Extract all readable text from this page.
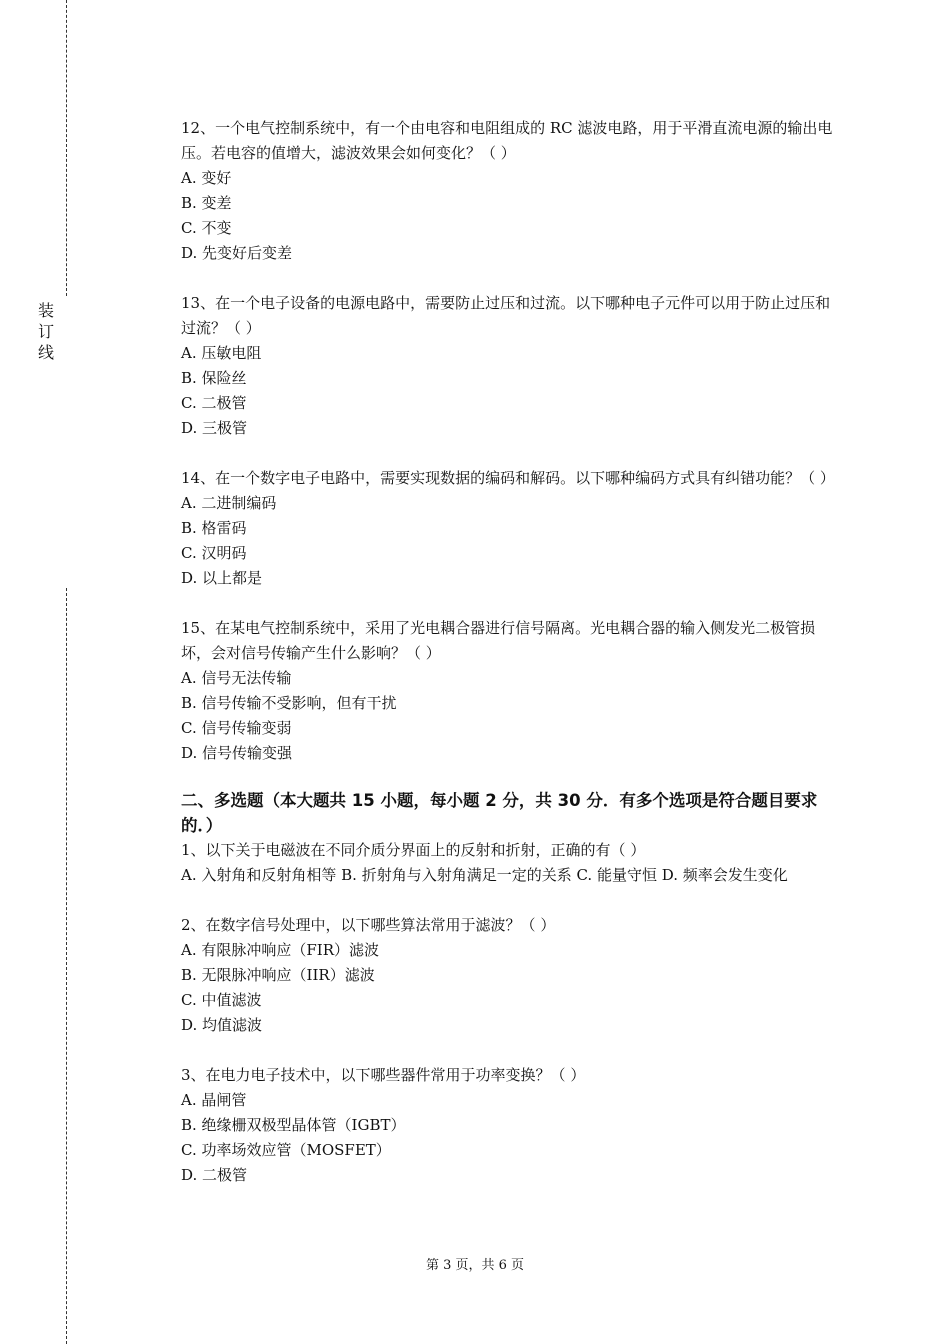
装
订
线

12、一个电气控制系统中，有一个由电容和电阻组成的 RC 滤波电路，用于平滑直流电源的输出电压。若电容的值增大，滤波效果会如何变化？（ ）

A. 变好

B. 变差

C. 不变

D. 先变好后变差

13、在一个电子设备的电源电路中，需要防止过压和过流。以下哪种电子元件可以用于防止过压和过流？（ ）

A. 压敏电阻

B. 保险丝

C. 二极管

D. 三极管

14、在一个数字电子电路中，需要实现数据的编码和解码。以下哪种编码方式具有纠错功能？（ ）

A. 二进制编码

B. 格雷码

C. 汉明码

D. 以上都是

15、在某电气控制系统中，采用了光电耦合器进行信号隔离。光电耦合器的输入侧发光二极管损坏，会对信号传输产生什么影响？（ ）

A. 信号无法传输

B. 信号传输不受影响，但有干扰

C. 信号传输变弱

D. 信号传输变强

二、多选题（本大题共 15 小题，每小题 2 分，共 30 分．有多个选项是符合题目要求的．）

1、以下关于电磁波在不同介质分界面上的反射和折射，正确的有（ ）

A. 入射角和反射角相等 B. 折射角与入射角满足一定的关系 C. 能量守恒 D. 频率会发生变化

2、在数字信号处理中，以下哪些算法常用于滤波？（ ）

A. 有限脉冲响应（FIR）滤波

B. 无限脉冲响应（IIR）滤波

C. 中值滤波

D. 均值滤波

3、在电力电子技术中，以下哪些器件常用于功率变换？（ ）

A. 晶闸管

B. 绝缘栅双极型晶体管（IGBT）

C. 功率场效应管（MOSFET）

D. 二极管

第 3 页，共 6 页
